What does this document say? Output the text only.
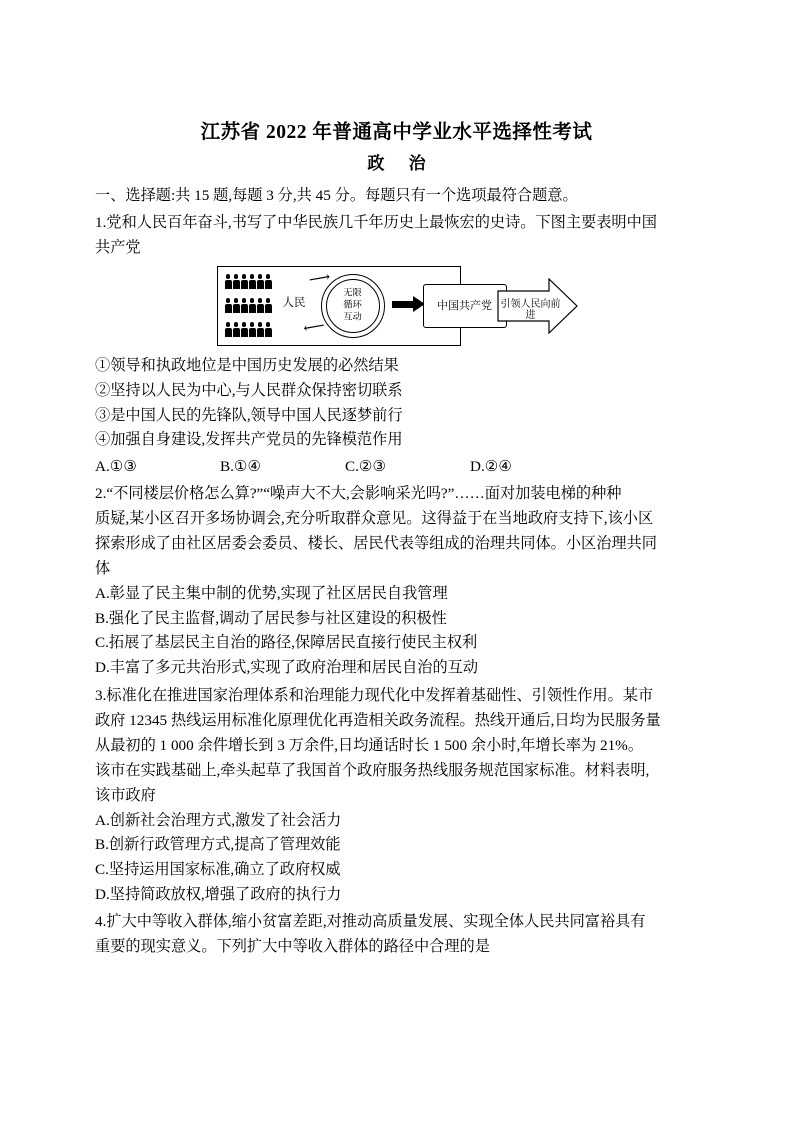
江苏省 2022 年普通高中学业水平选择性考试
政 治

一、选择题:共 15 题,每题 3 分,共 45 分。每题只有一个选项最符合题意。

1.党和人民百年奋斗,书写了中华民族几千年历史上最恢宏的史诗。下图主要表明中国

共产党

人民
⟶
⟶
无限
循环
互动
中国共产党 引领人民向前进

①领导和执政地位是中国历史发展的必然结果

②坚持以人民为中心,与人民群众保持密切联系

③是中国人民的先锋队,领导中国人民逐梦前行

④加强自身建设,发挥共产党员的先锋模范作用

A.①③	B.①④	C.②③	D.②④

2.“不同楼层价格怎么算?”“噪声大不大,会影响采光吗?”……面对加装电梯的种种

质疑,某小区召开多场协调会,充分听取群众意见。这得益于在当地政府支持下,该小区

探索形成了由社区居委会委员、楼长、居民代表等组成的治理共同体。小区治理共同

体

A.彰显了民主集中制的优势,实现了社区居民自我管理

B.强化了民主监督,调动了居民参与社区建设的积极性

C.拓展了基层民主自治的路径,保障居民直接行使民主权利

D.丰富了多元共治形式,实现了政府治理和居民自治的互动

3.标准化在推进国家治理体系和治理能力现代化中发挥着基础性、引领性作用。某市

政府 12345 热线运用标准化原理优化再造相关政务流程。热线开通后,日均为民服务量

从最初的 1 000 余件增长到 3 万余件,日均通话时长 1 500 余小时,年增长率为 21%。

该市在实践基础上,牵头起草了我国首个政府服务热线服务规范国家标准。材料表明,

该市政府

A.创新社会治理方式,激发了社会活力

B.创新行政管理方式,提高了管理效能

C.坚持运用国家标准,确立了政府权威

D.坚持简政放权,增强了政府的执行力

4.扩大中等收入群体,缩小贫富差距,对推动高质量发展、实现全体人民共同富裕具有

重要的现实意义。下列扩大中等收入群体的路径中合理的是
